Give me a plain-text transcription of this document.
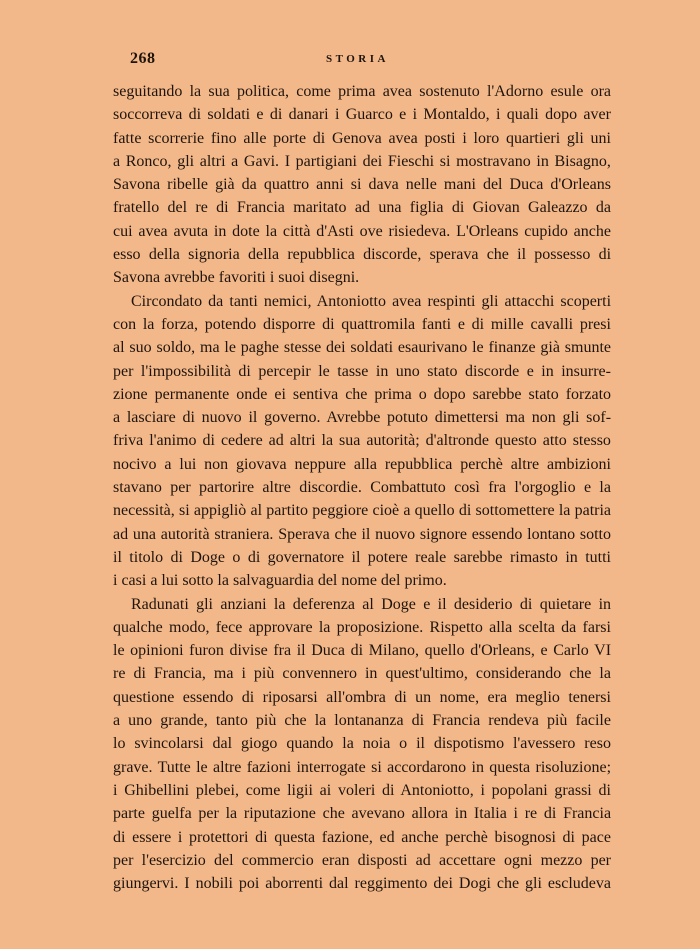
268	STORIA
seguitando la sua politica, come prima avea sostenuto l'Adorno esule ora
soccorreva di soldati e di danari i Guarco e i Montaldo, i quali dopo aver
fatte scorrerie fino alle porte di Genova avea posti i loro quartieri gli uni
a Ronco, gli altri a Gavi. I partigiani dei Fieschi si mostravano in Bisagno,
Savona ribelle già da quattro anni si dava nelle mani del Duca d'Orleans
fratello del re di Francia maritato ad una figlia di Giovan Galeazzo da
cui avea avuta in dote la città d'Asti ove risiedeva. L'Orleans cupido anche
esso della signoria della repubblica discorde, sperava che il possesso di
Savona avrebbe favoriti i suoi disegni.
Circondato da tanti nemici, Antoniotto avea respinti gli attacchi scoperti
con la forza, potendo disporre di quattromila fanti e di mille cavalli presi
al suo soldo, ma le paghe stesse dei soldati esaurivano le finanze già smunte
per l'impossibilità di percepir le tasse in uno stato discorde e in insurre-
zione permanente onde ei sentiva che prima o dopo sarebbe stato forzato
a lasciare di nuovo il governo. Avrebbe potuto dimettersi ma non gli sof-
friva l'animo di cedere ad altri la sua autorità; d'altronde questo atto stesso
nocivo a lui non giovava neppure alla repubblica perchè altre ambizioni
stavano per partorire altre discordie. Combattuto così fra l'orgoglio e la
necessità, si appigliò al partito peggiore cioè a quello di sottomettere la patria
ad una autorità straniera. Sperava che il nuovo signore essendo lontano sotto
il titolo di Doge o di governatore il potere reale sarebbe rimasto in tutti
i casi a lui sotto la salvaguardia del nome del primo.
Radunati gli anziani la deferenza al Doge e il desiderio di quietare in
qualche modo, fece approvare la proposizione. Rispetto alla scelta da farsi
le opinioni furon divise fra il Duca di Milano, quello d'Orleans, e Carlo VI
re di Francia, ma i più convennero in quest'ultimo, considerando che la
questione essendo di riposarsi all'ombra di un nome, era meglio tenersi
a uno grande, tanto più che la lontananza di Francia rendeva più facile
lo svincolarsi dal giogo quando la noia o il dispotismo l'avessero reso
grave. Tutte le altre fazioni interrogate si accordarono in questa risoluzione;
i Ghibellini plebei, come ligii ai voleri di Antoniotto, i popolani grassi di
parte guelfa per la riputazione che avevano allora in Italia i re di Francia
di essere i protettori di questa fazione, ed anche perchè bisognosi di pace
per l'esercizio del commercio eran disposti ad accettare ogni mezzo per
giungervi. I nobili poi aborrenti dal reggimento dei Dogi che gli escludeva
